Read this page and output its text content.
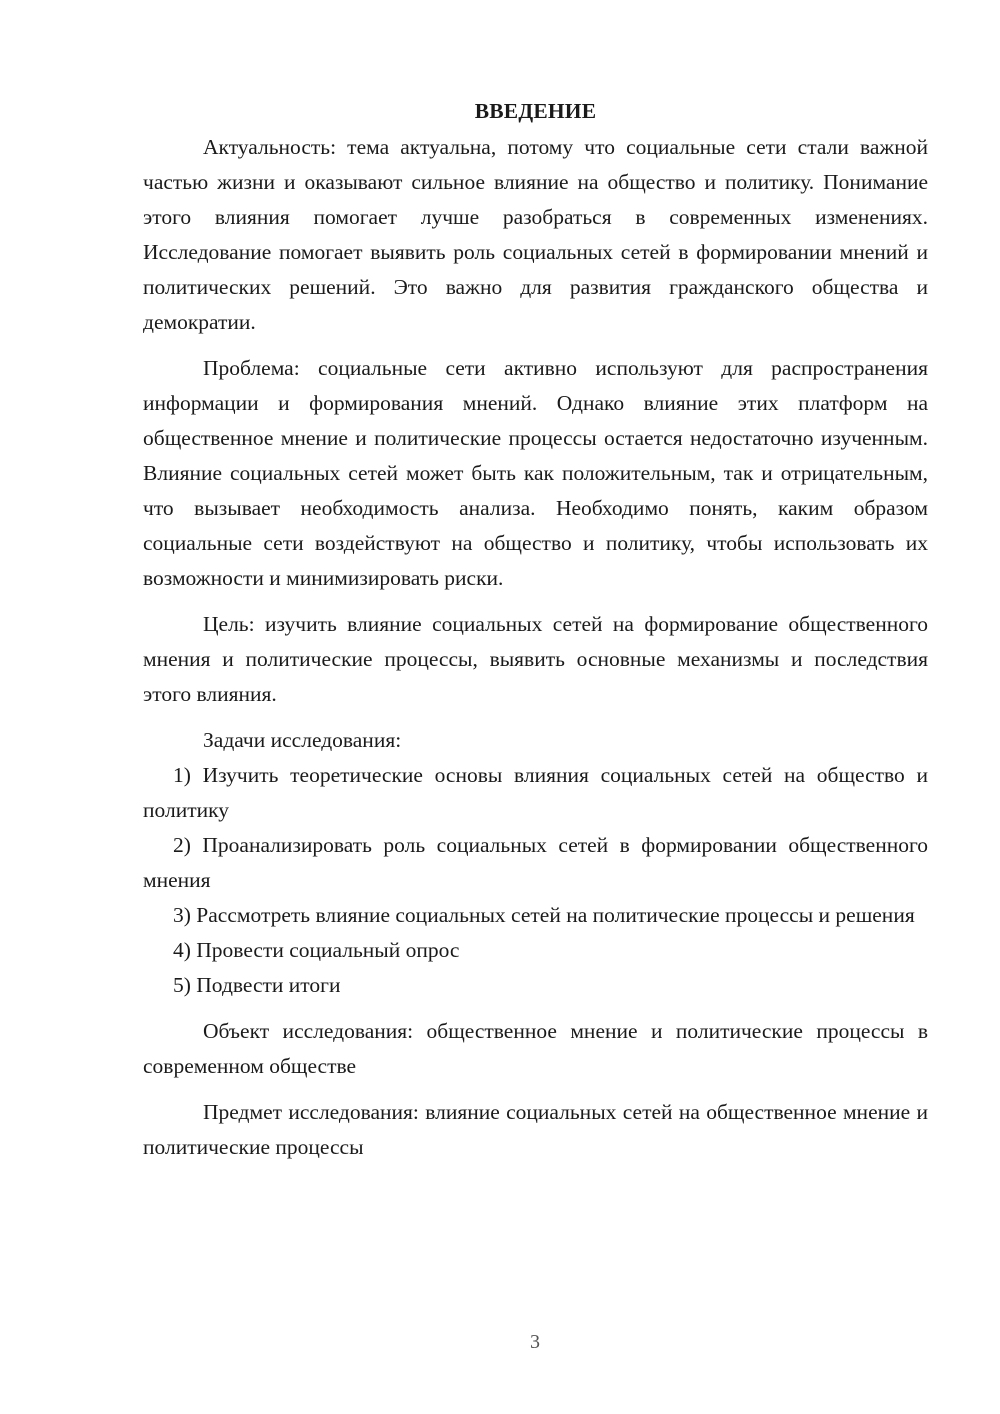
ВВЕДЕНИЕ

Актуальность: тема актуальна, потому что социальные сети стали важной частью жизни и оказывают сильное влияние на общество и политику. Понимание этого влияния помогает лучше разобраться в современных изменениях. Исследование помогает выявить роль социальных сетей в формировании мнений и политических решений. Это важно для развития гражданского общества и демократии.

Проблема: социальные сети активно используют для распространения информации и формирования мнений. Однако влияние этих платформ на общественное мнение и политические процессы остается недостаточно изученным. Влияние социальных сетей может быть как положительным, так и отрицательным, что вызывает необходимость анализа. Необходимо понять, каким образом социальные сети воздействуют на общество и политику, чтобы использовать их возможности и минимизировать риски.

Цель: изучить влияние социальных сетей на формирование общественного мнения и политические процессы, выявить основные механизмы и последствия этого влияния.

Задачи исследования:

1) Изучить теоретические основы влияния социальных сетей на общество и политику

2) Проанализировать роль социальных сетей в формировании общественного мнения

3) Рассмотреть влияние социальных сетей на политические процессы и решения

4) Провести социальный опрос

5) Подвести итоги

Объект исследования: общественное мнение и политические процессы в современном обществе

Предмет исследования: влияние социальных сетей на общественное мнение и политические процессы

3
